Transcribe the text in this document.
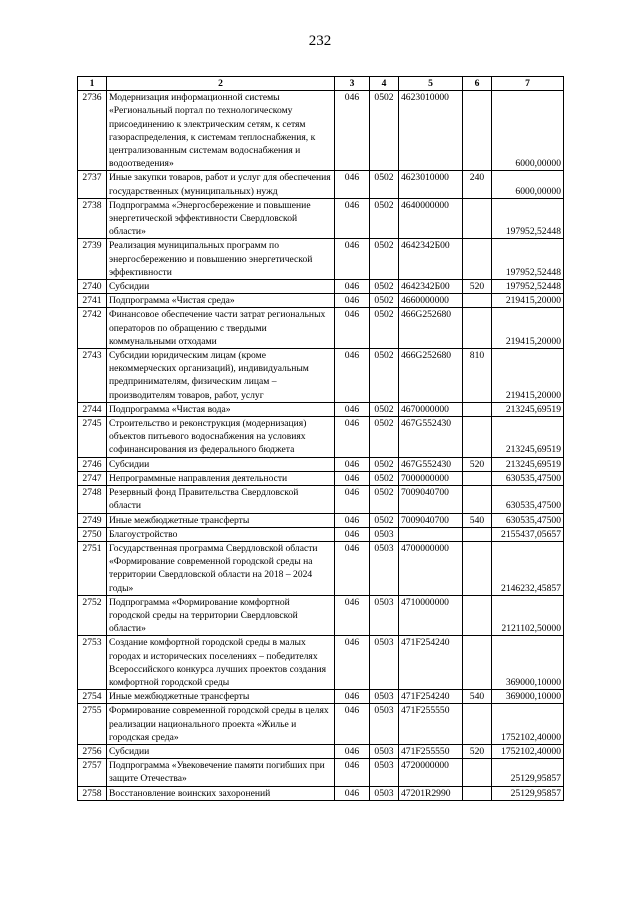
232
1	2	3	4	5	6	7
2736	Модернизация информационной системы «Региональный портал по технологическому присоединению к электрическим сетям, к сетям газораспределения, к системам теплоснабжения, к централизованным системам водоснабжения и водоотведения»	046	0502	4623010000		6000,00000
2737	Иные закупки товаров, работ и услуг для обеспечения государственных (муниципальных) нужд	046	0502	4623010000	240	6000,00000
2738	Подпрограмма «Энергосбережение и повышение энергетической эффективности Свердловской области»	046	0502	4640000000		197952,52448
2739	Реализация муниципальных программ по энергосбережению и повышению энергетической эффективности	046	0502	4642342Б00		197952,52448
2740	Субсидии	046	0502	4642342Б00	520	197952,52448
2741	Подпрограмма «Чистая среда»	046	0502	4660000000		219415,20000
2742	Финансовое обеспечение части затрат региональных операторов по обращению с твердыми коммунальными отходами	046	0502	466G252680		219415,20000
2743	Субсидии юридическим лицам (кроме некоммерческих организаций), индивидуальным предпринимателям, физическим лицам – производителям товаров, работ, услуг	046	0502	466G252680	810	219415,20000
2744	Подпрограмма «Чистая вода»	046	0502	4670000000		213245,69519
2745	Строительство и реконструкция (модернизация) объектов питьевого водоснабжения на условиях софинансирования из федерального бюджета	046	0502	467G552430		213245,69519
2746	Субсидии	046	0502	467G552430	520	213245,69519
2747	Непрограммные направления деятельности	046	0502	7000000000		630535,47500
2748	Резервный фонд Правительства Свердловской области	046	0502	7009040700		630535,47500
2749	Иные межбюджетные трансферты	046	0502	7009040700	540	630535,47500
2750	Благоустройство	046	0503			2155437,05657
2751	Государственная программа Свердловской области «Формирование современной городской среды на территории Свердловской области на 2018 – 2024 годы»	046	0503	4700000000		2146232,45857
2752	Подпрограмма «Формирование комфортной городской среды на территории Свердловской области»	046	0503	4710000000		2121102,50000
2753	Создание комфортной городской среды в малых городах и исторических поселениях – победителях Всероссийского конкурса лучших проектов создания комфортной городской среды	046	0503	471F254240		369000,10000
2754	Иные межбюджетные трансферты	046	0503	471F254240	540	369000,10000
2755	Формирование современной городской среды в целях реализации национального проекта «Жилье и городская среда»	046	0503	471F255550		1752102,40000
2756	Субсидии	046	0503	471F255550	520	1752102,40000
2757	Подпрограмма «Увековечение памяти погибших при защите Отечества»	046	0503	4720000000		25129,95857
2758	Восстановление воинских захоронений	046	0503	47201R2990		25129,95857
